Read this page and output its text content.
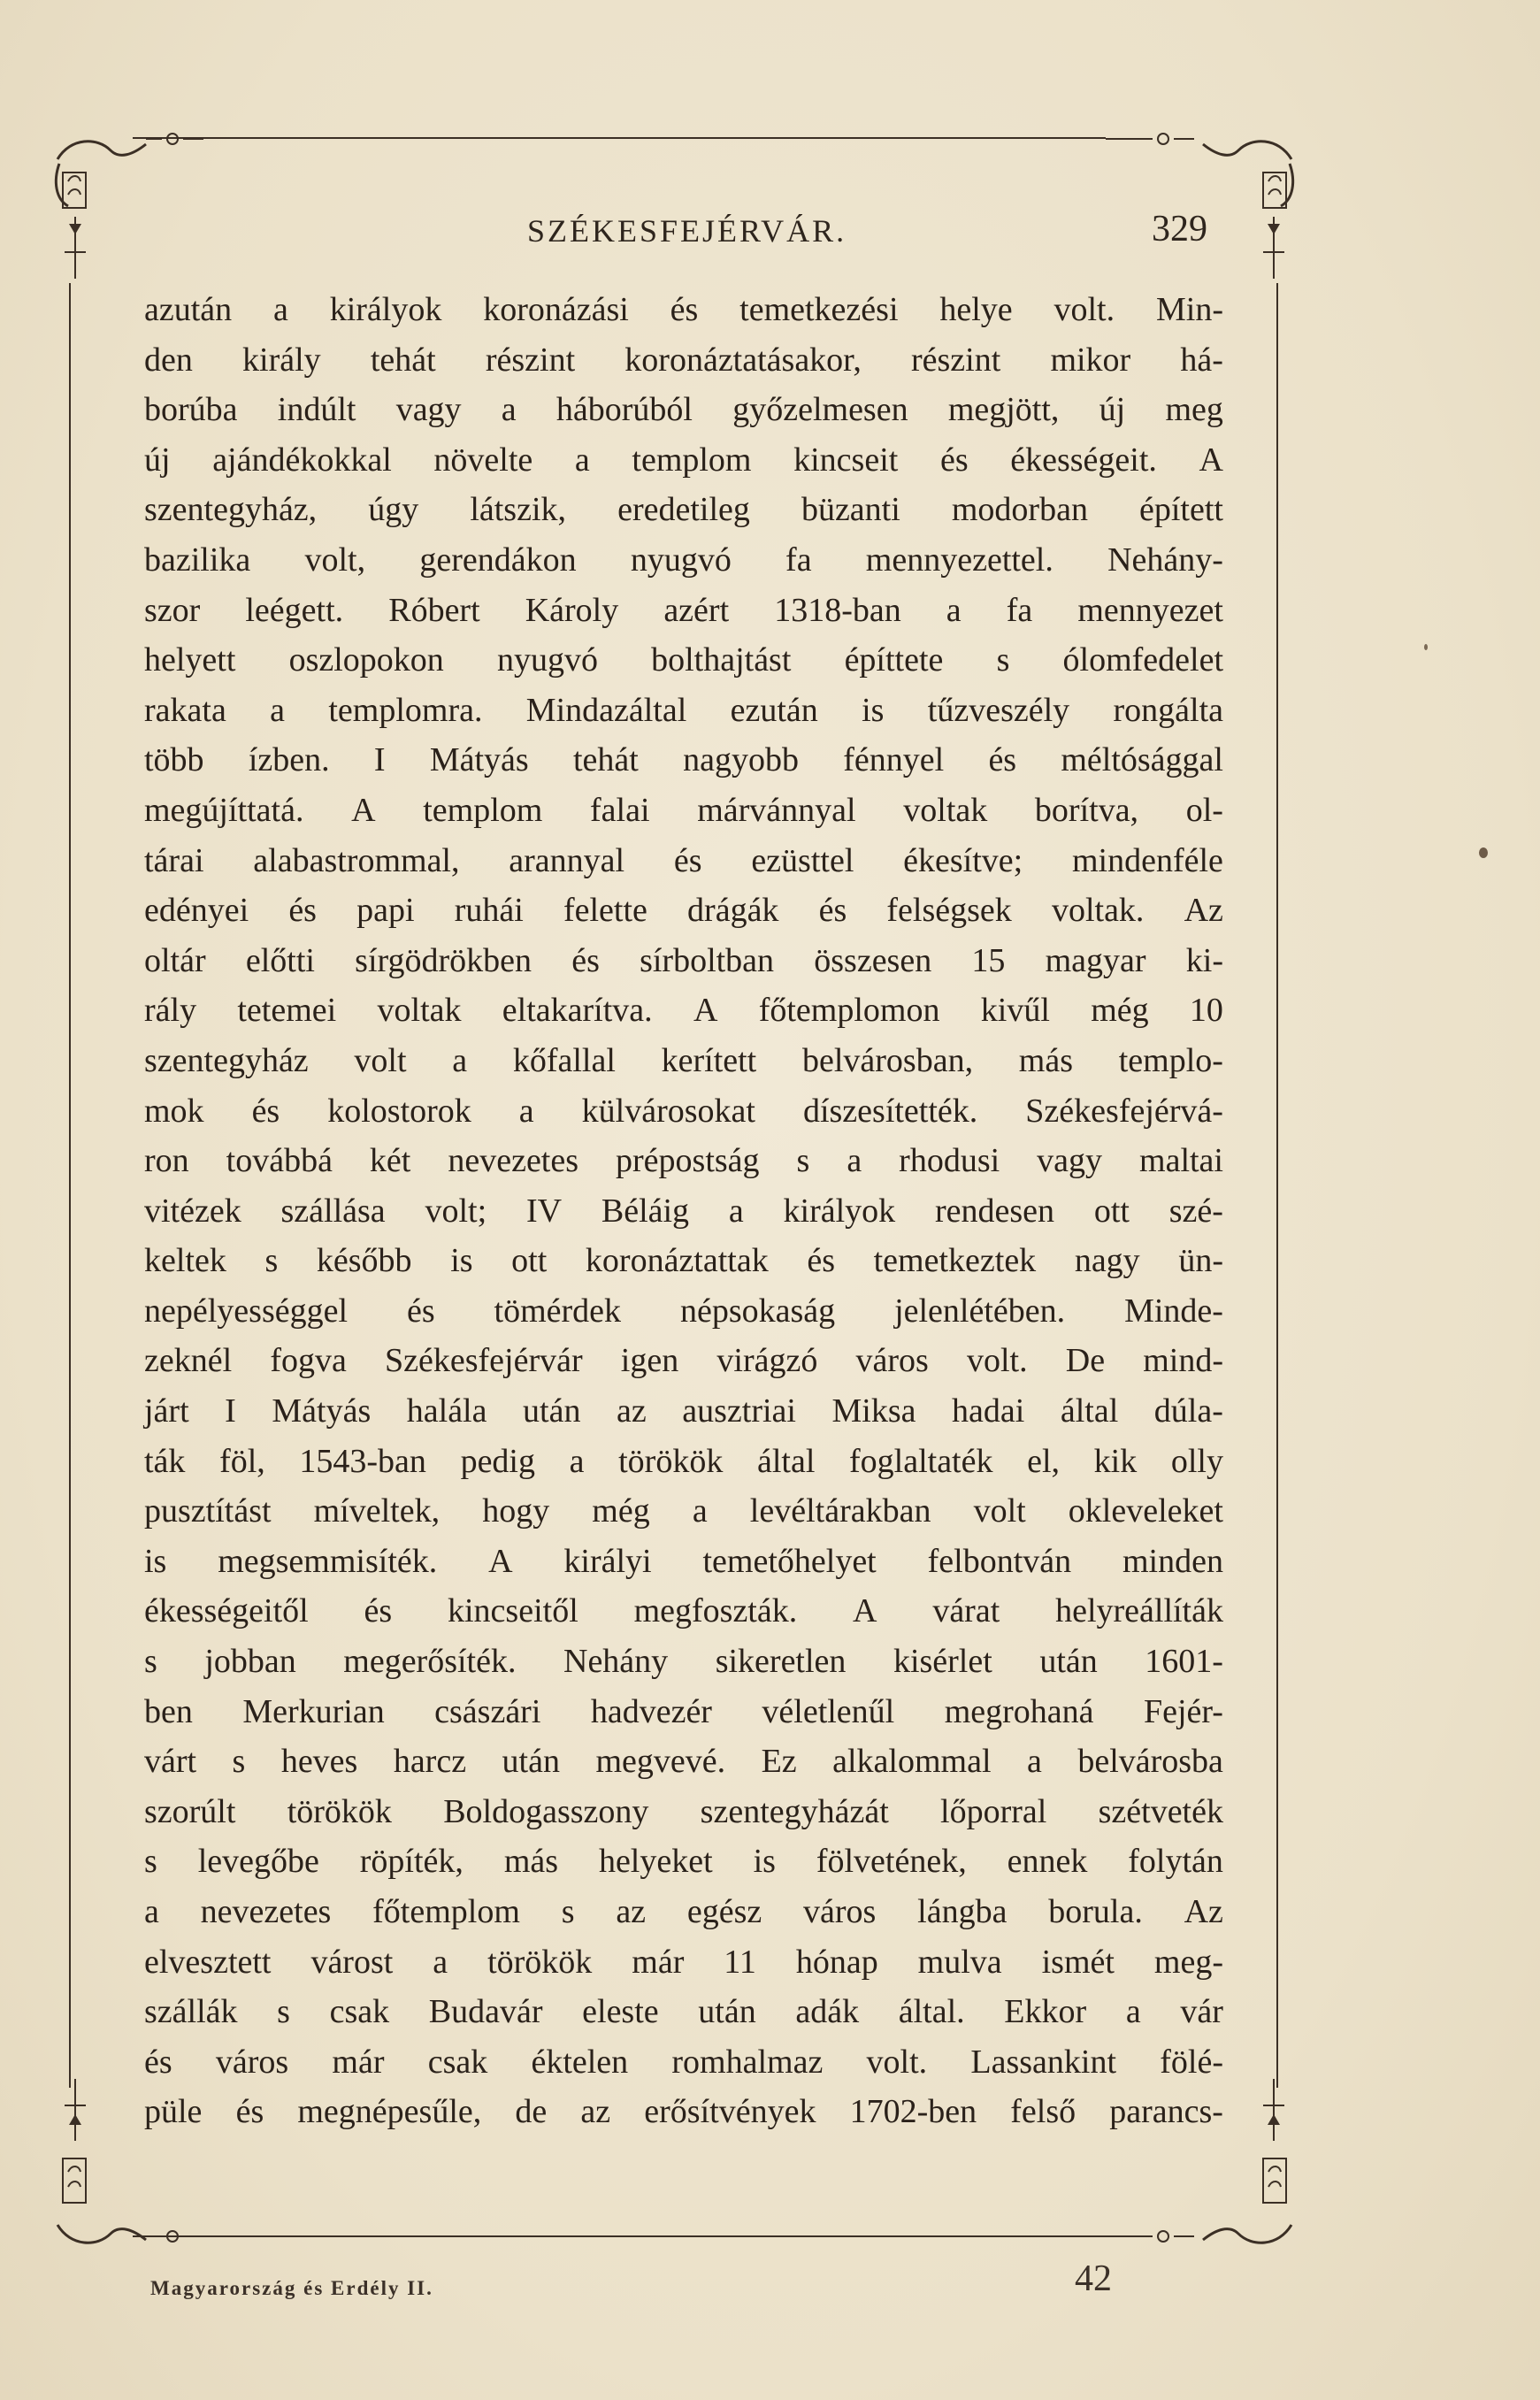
SZÉKESFEJÉRVÁR.	329
azután a királyok koronázási és temetkezési helye volt. Min-
den király tehát részint koronáztatásakor, részint mikor há-
borúba indúlt vagy a háborúból győzelmesen megjött, új meg
új ajándékokkal növelte a templom kincseit és ékességeit. A
szentegyház, úgy látszik, eredetileg büzanti modorban épített
bazilika volt, gerendákon nyugvó fa mennyezettel. Nehány-
szor leégett. Róbert Károly azért 1318-ban a fa mennyezet
helyett oszlopokon nyugvó bolthajtást építtete s ólomfedelet
rakata a templomra. Mindazáltal ezután is tűzveszély rongálta
több ízben. I Mátyás tehát nagyobb fénnyel és méltósággal
megújíttatá. A templom falai márvánnyal voltak borítva, ol-
tárai alabastrommal, arannyal és ezüsttel ékesítve; mindenféle
edényei és papi ruhái felette drágák és felségsek voltak. Az
oltár előtti sírgödrökben és sírboltban összesen 15 magyar ki-
rály tetemei voltak eltakarítva. A főtemplomon kivűl még 10
szentegyház volt a kőfallal kerített belvárosban, más templo-
mok és kolostorok a külvárosokat díszesítették. Székesfejérvá-
ron továbbá két nevezetes prépostság s a rhodusi vagy maltai
vitézek szállása volt; IV Béláig a királyok rendesen ott szé-
keltek s később is ott koronáztattak és temetkeztek nagy ün-
nepélyességgel és tömérdek népsokaság jelenlétében. Minde-
zeknél fogva Székesfejérvár igen virágzó város volt. De mind-
járt I Mátyás halála után az ausztriai Miksa hadai által dúla-
ták föl, 1543-ban pedig a törökök által foglaltaték el, kik olly
pusztítást míveltek, hogy még a levéltárakban volt okleveleket
is megsemmisíték. A királyi temetőhelyet felbontván minden
ékességeitől és kincseitől megfoszták. A várat helyreállíták
s jobban megerősíték. Nehány sikeretlen kisérlet után 1601-
ben Merkurian császári hadvezér véletlenűl megrohaná Fejér-
várt s heves harcz után megvevé. Ez alkalommal a belvárosba
szorúlt törökök Boldogasszony szentegyházát lőporral szétveték
s levegőbe röpíték, más helyeket is fölvetének, ennek folytán
a nevezetes főtemplom s az egész város lángba borula. Az
elvesztett várost a törökök már 11 hónap mulva ismét meg-
szállák s csak Budavár eleste után adák által. Ekkor a vár
és város már csak éktelen romhalmaz volt. Lassankint fölé-
püle és megnépesűle, de az erősítvények 1702-ben felső parancs-
Magyarország és Erdély II.	42
